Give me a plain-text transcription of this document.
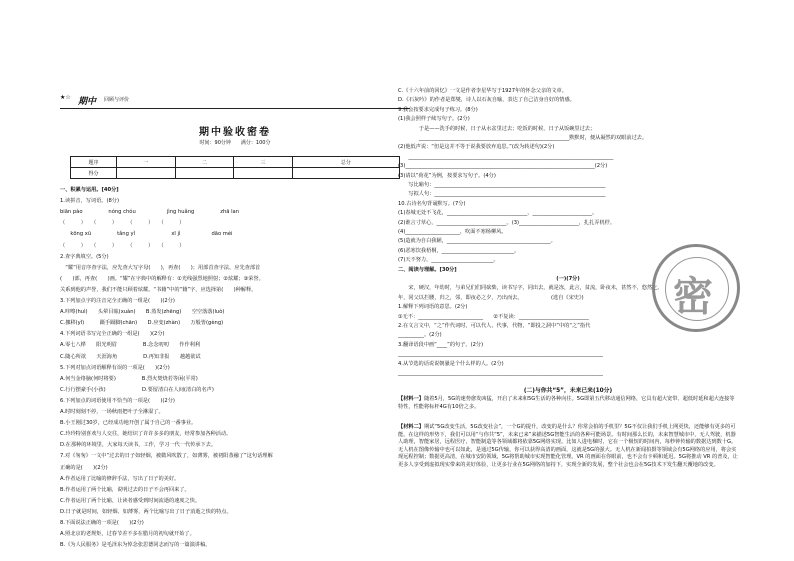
★☆ 期中 回顾与评价
期中验收密卷
时间：90分钟　　满分：100分
题序	一	二	三	总分
得分				
一、积累与运用。[40分]
1.读拼音，写词语。(8分)
biān pào　　　　　nóng chóu　　　　　　jìng huǎng　　　　　zhā lan
（　　　）　　（　　　）　　　（　　　）　　（　　　）
　　kōng xū　　　　　tǎng yǐ　　　　　　　xī jì　　　　　　dāo mèi
（　　　）　　（　　　）　　　（　　　）　　（　　　）
2.查字典填空。(5分)
　“耀”用音序查字法，应先查大写字母(　　)，再查(　　)；用部首查字法，应先查部首
(　　)部，再查(　　)画。“耀”在字典中的解释有：①光线强烈地照射；②炫耀；③荣誉。
关系到他的声誉，我们不能只顾着炫耀。“书籍”中的“籍”字，应选择第(　　)种解释。
3.下列加点字的注音完全正确的一组是(　　)(2分)
A.咔嚓(huì)　　头晕目眩(xuàn)　　B.蒸发(zhēng)　　空空落落(luò)
C.挪移(yǐ)　　　蹑手蹑脚(chān)　　D.应变(zhàn)　　万般皆(gèng)
4.下列词语书写完全正确的一组是(　　)(2分)
A.零七八桦　　阳光明眉　　　　　B.念念叨叨　　作作利利
C.随心所欲　　天涯海角　　　　　D.再知非报　　越越欲试
5.下列对加点词语解释有误的一项是(　　)(2分)
A.何当金络脑(何时将要)　　　　　B.烈火焚烧若等闲(平常)
C.行行摆豪手(小孩)　　　　　　　D.要留清白在人间(清白的名声)
6.下列加点的词语使用不恰当的一项是(　　)(2分)
A.时时刻刻不停，一场秋雨把叶子全淋湿了。
B.小王刚过30岁，已经成功地开创了属于自己的一番事业。
C.玲玲特别喜欢与人交往，她结识了许许多多的朋友，经常参加各种活动。
D.在那种的环境里，大家每天读书，工作，学习一代一代传承下去。
7.对《匆匆》一文中“过去的日子如轻烟，被微风吹散了，如薄雾，被初阳蒸融了”这句话理解
正确的是(　　)(2分)
A.作者运用了比喻的修辞手法，写出了日子的美好。
B.作者运用了两个比喻，说明过去的日子不会再回来了。
C.作者运用了两个比喻，让读者感受到时间流逝的速度之快。
D.日子就是时间，如轻烟、如薄雾，两个比喻写出了日子消逝之快的特点。
8.下面说法正确的一项是(　　)(2分)
A.照北京的老规矩，过春节差不多在腊月的初旬就开始了。
B.《为人民服务》是毛泽东为悼念张思德同志而写的一篇演讲稿。
C.《十六年前的回忆》一文是作者李星华写于1927年的怀念父亲的文章。
D.《石灰吟》的作者是郑燮，诗人以石灰自喻，表达了自己洁身自好的情感。
9.我会按要求完成句子练习。(8分)
(1)我会照样子续写句子。(2分)
　　　　于是——洗手的时候，日子从水盆里过去；吃饭的时候，日子从饭碗里过去；
　　　　__________________________________________________________默默时，便从凝然的双眼前过去。
(2)他低声说：“但是这并不等于说我要放弃追思。”(改为转述句)(2分)
　　_______________________________________________________________________________
(3)_________________________________________________________________________(2分)
(3)请以“荷花”为例，按要求写句子。(4分)
　　写比喻句：__________________________________________________________________
　　写拟人句：__________________________________________________________________
10.古诗名句背诵默写。(7分)
(1)春城无处不飞花，_______________________________，_______________________。
(2)谁言寸草心，___________________________。(3)_______________________，扎扎弄机杼。
(4)_____________________，吹面不寒杨柳风。
(5)造就为自白我陋，________________________________________。
(6)恶寒饮我梧桐，____________________________。
(7)天不努力，________________________。
二、阅读与理解。[30分]
(一)(7分)
　　宋，硬汉，年幼时，与弟兄们们同砍柴，读书写字，同出去，就是冻，此言，贫流，卧夜未，甚然不，悠然之。
年，同父以拦腰，归之，邻，即夜必之夕，乃出而去。　　　　　　(选自《宋史》)
1.解释下列词语的意思。(2分)
①无不：_________________________　　②不复读：___________________________
2.在文言文中，“之”作代词时，可以代人，代事，代物，“即投之洞中”中的“之”指代
__________。(2分)
3.翻译语段中画“____”的句子。(2分)
_______________________________________________________________________________
4.从节选的话说说朝骚是个什么样的人。(2分)
_______________________________________________________________________________
(二)与你共“5”，未来已来(10分)
【材料一】随着5月，5G的速势愈发凶猛，开启了未来和5G生活的各种向往。5G即第五代移动通信网络，它具有超大宽带、超低时延和超大连接等特性，性能将标杆4G有10倍之多。
【材料二】期试“5G改变生活，5G改变社会”，一个G的提升，改变的是什么？你常会拍的手机里？5G不仅让我们手机上网更快，还能够有更多的可能。在这样的形势下，我们可以用“与你共“5”，未来已来”来描述5G智能生活的各种可能场景。有时间那么长的，未来智慧城市中，无人驾驶，机器人助理，智能家居，远程医疗，智能制造等各领域都将依靠5G网络实现。比如人进电梯时，它在一个极短的时间内，每秒钟传输的数据达到数十G。无人机在图像传输中也可以如此，是通过5G传输，你可以获得高清的画面，这就是5G的强大。无人机在新闻拍摄等领域会有5G网络的应用，将会实现远程控制；数据更高清，在城市安防领域，5G将帮助城市实现智能化管理。VR 的画面在你眼前，也不会有卡顿和延迟。5G将推动 VR 的普及，让更多人享受到虚拟现实带来的美好体验，让更多行业在5G网络的加持下，实现全新的发展，整个社会也会在5G技术下发生翻天覆地的改变。
密
